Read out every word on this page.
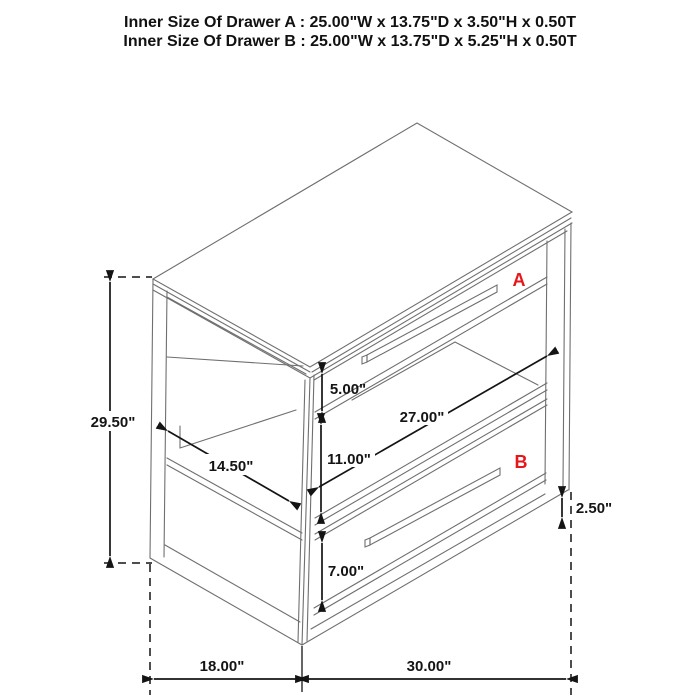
29.50"
14.50"
5.00"
27.00"
11.00"
7.00"
2.50"
18.00"	30.00"
A
B
Inner Size Of Drawer A : 25.00"W x 13.75"D x 3.50"H x 0.50T
Inner Size Of Drawer B : 25.00"W x 13.75"D x 5.25"H x 0.50T
